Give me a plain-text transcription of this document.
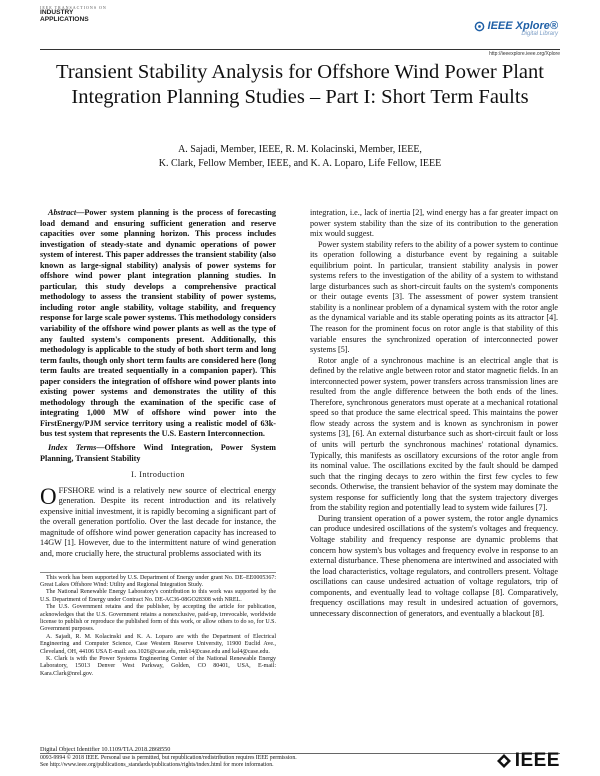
IEEE TRANSACTIONS ON
INDUSTRY
APPLICATIONS
IEEE Xplore®
Digital Library
http://ieeexplore.ieee.org/Xplore
Transient Stability Analysis for Offshore Wind Power Plant Integration Planning Studies – Part I: Short Term Faults
A. Sajadi, Member, IEEE, R. M. Kolacinski, Member, IEEE,
K. Clark, Fellow Member, IEEE, and K. A. Loparo, Life Fellow, IEEE

Abstract—Power system planning is the process of forecasting load demand and ensuring sufficient generation and reserve capacities over some planning horizon. This process includes investigation of steady-state and dynamic operations of power system of interest. This paper addresses the transient stability (also known as large-signal stability) analysis of power systems for offshore wind power plant integration planning studies. In particular, this study develops a comprehensive practical methodology to assess the transient stability of power systems, including rotor angle stability, voltage stability, and frequency response for large scale power systems. This methodology considers variability of the offshore wind power plants as well as the type of any faulted system's components present. Additionally, this methodology is applicable to the study of both short term and long term faults, though only short term faults are considered here (long term faults are treated sequentially in a companion paper). This paper considers the integration of offshore wind power plants into existing power systems and demonstrates the utility of this methodology through the examination of the specific case of integrating 1,000 MW of offshore wind power into the FirstEnergy/PJM service territory using a realistic model of 63k-bus test system that represents the U.S. Eastern Interconnection.

Index Terms—Offshore Wind Integration, Power System Planning, Transient Stability

I. Introduction

OFFSHORE wind is a relatively new source of electrical energy generation. Despite its recent introduction and its relatively expensive initial investment, it is rapidly becoming a significant part of the overall generation portfolio. Over the last decade for instance, the magnitude of offshore wind power generation capacity has increased to 14GW [1]. However, due to the intermittent nature of wind generation and, more crucially here, the structural problems associated with its

This work has been supported by U.S. Department of Energy under grant No. DE–EE0005367: Great Lakes Offshore Wind: Utility and Regional Integration Study.

The National Renewable Energy Laboratory's contribution to this work was supported by the U.S. Department of Energy under Contract No. DE-AC36-08GO28308 with NREL.

The U.S. Government retains and the publisher, by accepting the article for publication, acknowledges that the U.S. Government retains a nonexclusive, paid-up, irrevocable, worldwide license to publish or reproduce the published form of this work, or allow others to do so, for U.S. Government purposes.

A. Sajadi, R. M. Kolacinski and K. A. Loparo are with the Department of Electrical Engineering and Computer Science, Case Western Reserve University, 11900 Euclid Ave., Cleveland, OH, 44106 USA E-mail: axs.1026@case.edu, rmk14@case.edu and kal4@case.edu.

K. Clark is with the Power Systems Engineering Center of the National Renewable Energy Laboratory, 15013 Denver West Parkway, Golden, CO 80401, USA, E-mail: Kara.Clark@nrel.gov.

integration, i.e., lack of inertia [2], wind energy has a far greater impact on power system stability than the size of its contribution to the generation mix would suggest.

Power system stability refers to the ability of a power system to continue its operation following a disturbance event by regaining a suitable equilibrium point. In particular, transient stability analysis in power systems refers to the investigation of the ability of a system to withstand large disturbances such as short-circuit faults on the system's components or their outage events [3]. The assessment of power system transient stability is a nonlinear problem of a dynamical system with the rotor angle as the dynamical variable and its stable operating points as its attractor [4]. The reason for the prominent focus on rotor angle is that stability of this variable ensures the synchronized operation of interconnected power systems [5].

Rotor angle of a synchronous machine is an electrical angle that is defined by the relative angle between rotor and stator magnetic fields. In an interconnected power system, power transfers across transmission lines are resulted from the angle difference between the both ends of the lines. Therefore, synchronous generators must operate at a mechanical rotational speed so that produce the same electrical speed. This maintains the power flow steady across the system and is known as synchronism in power systems [3], [6]. An external disturbance such as short-circuit fault or loss of units will perturb the synchronous machines' rotational dynamics. Typically, this manifests as oscillatory excursions of the rotor angle from its nominal value. The oscillations excited by the fault should be damped such that the ringing decays to zero within the first few cycles to few seconds. Otherwise, the transient behavior of the system may dominate the system response for sufficiently long that the system trajectory diverges from the stability region and potentially lead to system wide failures [7].

During transient operation of a power system, the rotor angle dynamics can produce undesired oscillations of the system's voltages and frequency. Voltage stability and frequency response are dynamic problems that concern how system's bus voltages and frequency evolve in response to an external disturbance. These phenomena are intertwined and associated with the load characteristics, voltage regulators, and controllers present. Voltage oscillations can cause undesired actuation of voltage regulators, trip of components, and eventually lead to voltage collapse [8]. Comparatively, frequency oscillations may result in undesired actuation of governors, unnecessary disconnection of generators, and eventually a blackout [8].

Digital Object Identifier 10.1109/TIA.2018.2868550
0093-9994 © 2018 IEEE. Personal use is permitted, but republication/redistribution requires IEEE permission.
See http://www.ieee.org/publications_standards/publications/rights/index.html for more information.	IEEE
